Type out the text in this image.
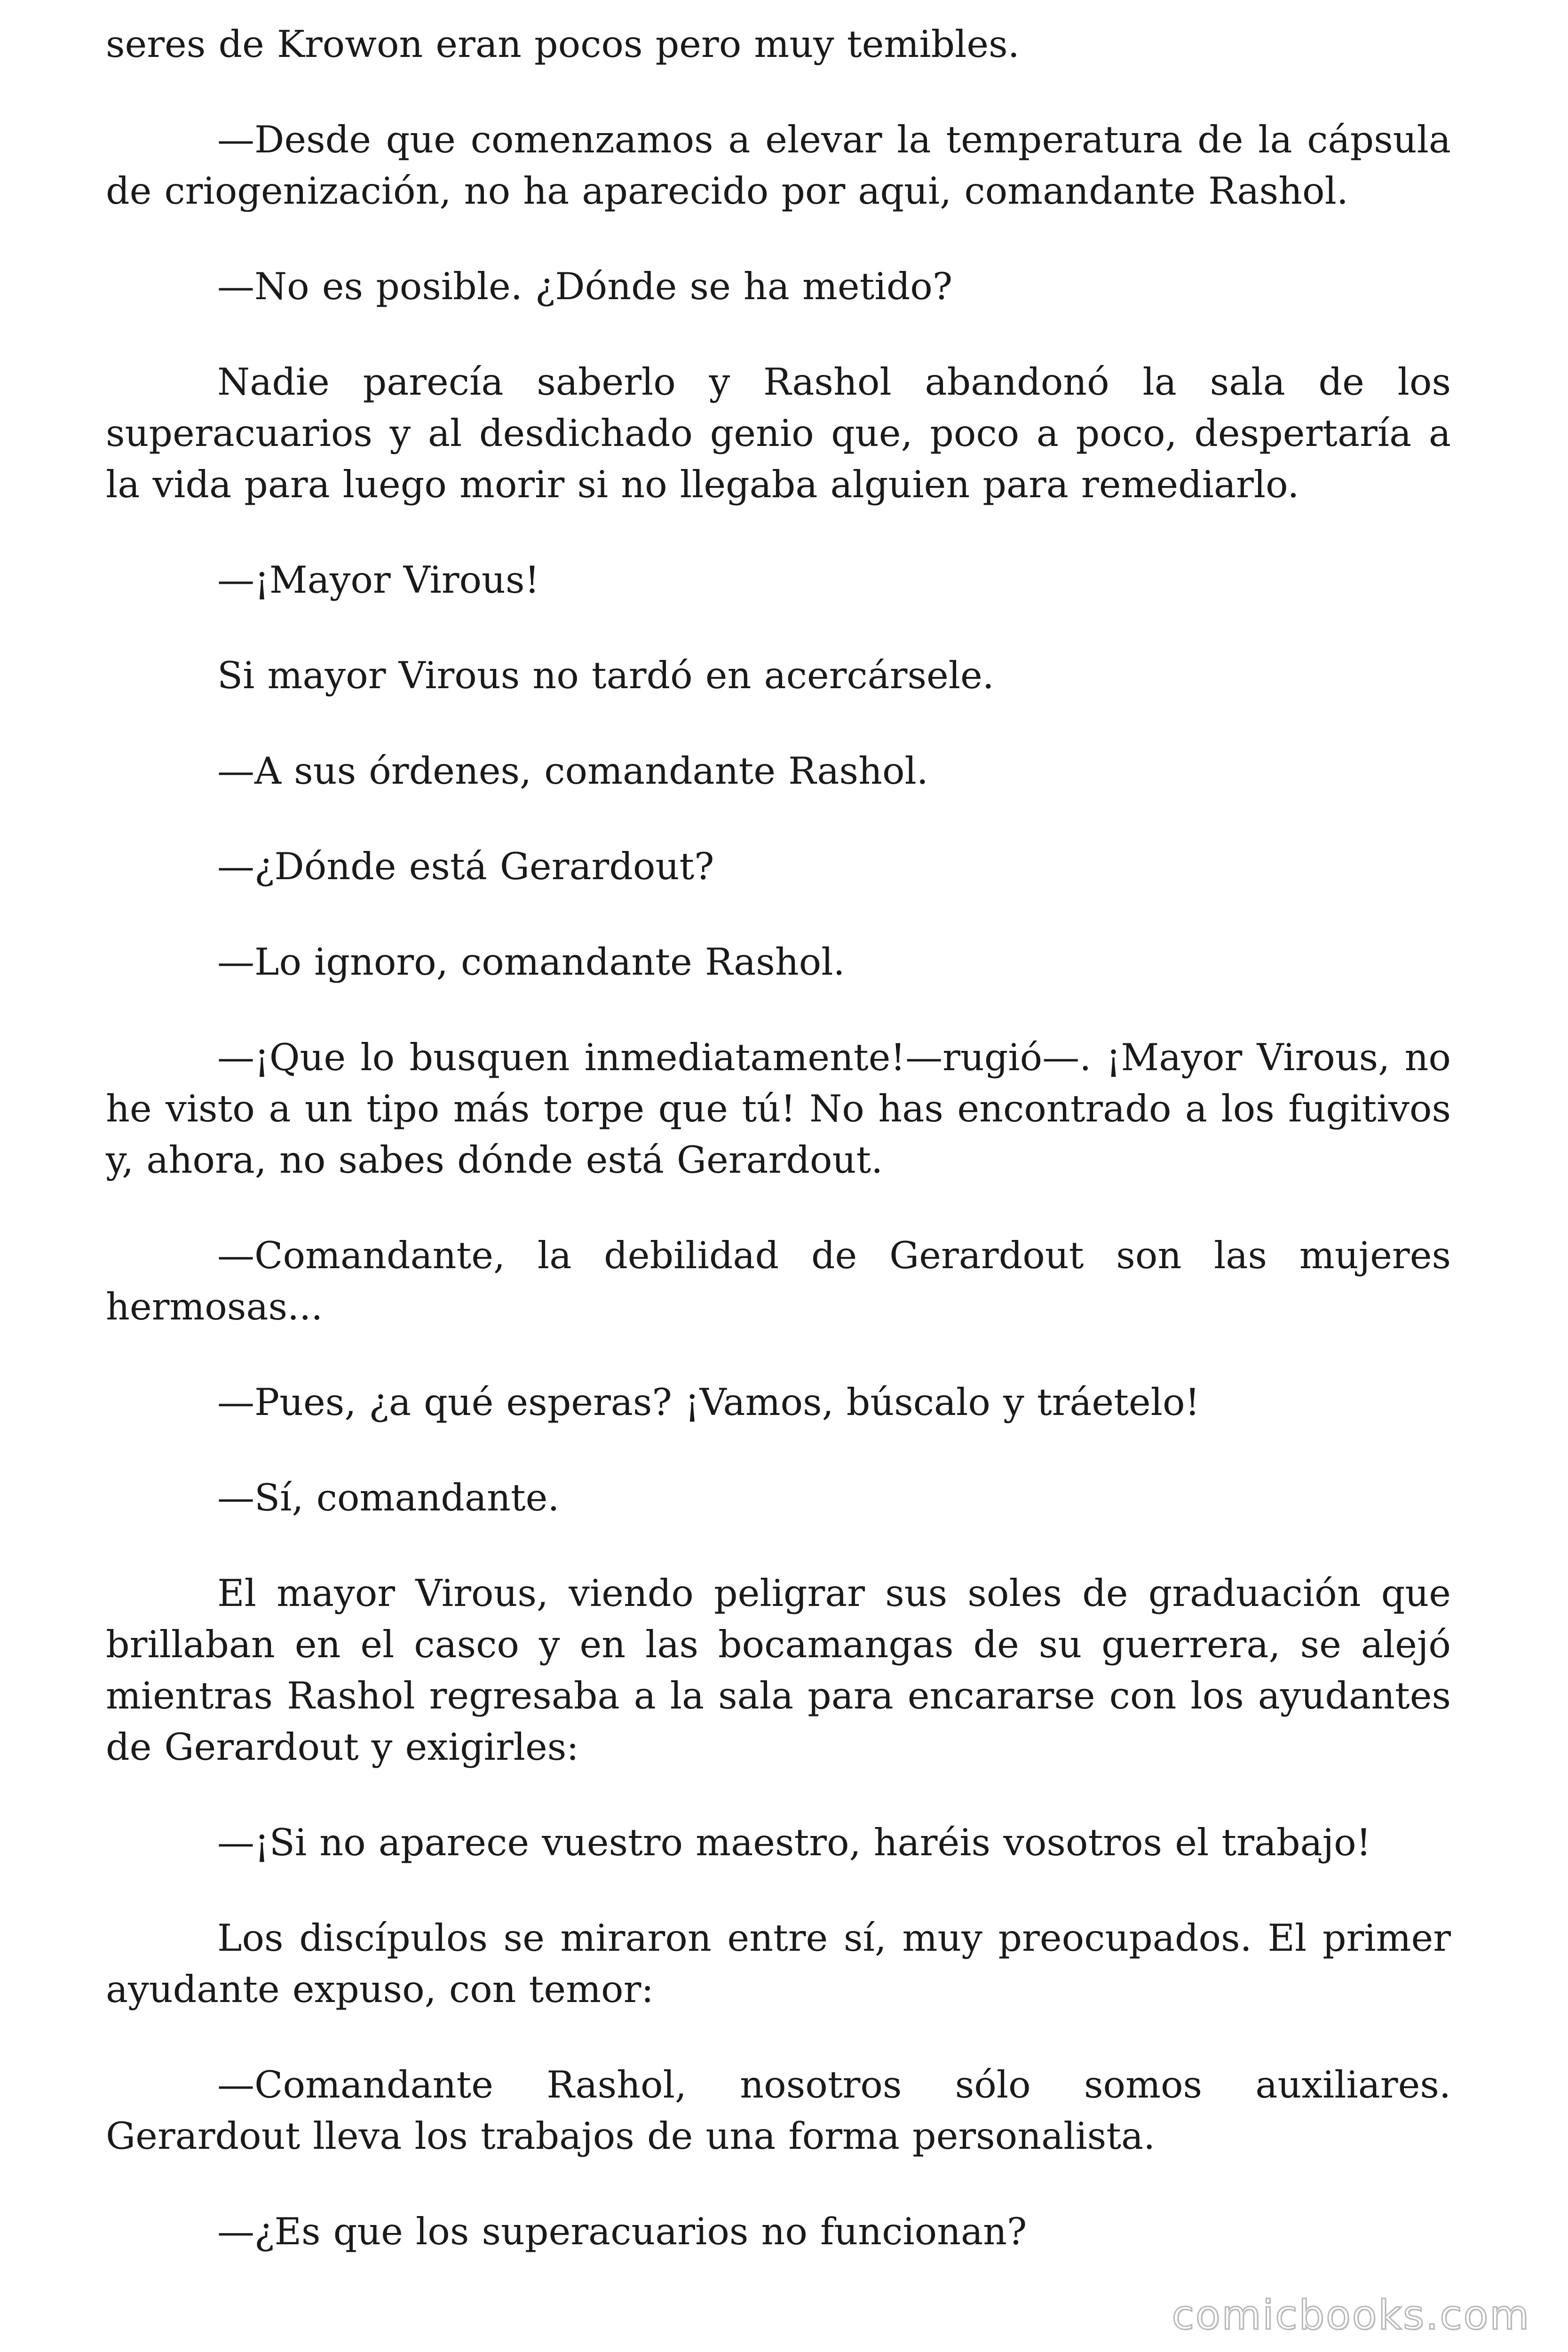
seres de Krowon eran pocos pero muy temibles.

—Desde que comenzamos a elevar la temperatura de la cápsula de criogenización, no ha aparecido por aqui, comandante Rashol.

—No es posible. ¿Dónde se ha metido?

Nadie parecía saberlo y Rashol abandonó la sala de los superacuarios y al desdichado genio que, poco a poco, despertaría a la vida para luego morir si no llegaba alguien para remediarlo.

—¡Mayor Virous!

Si mayor Virous no tardó en acercársele.

—A sus órdenes, comandante Rashol.

—¿Dónde está Gerardout?

—Lo ignoro, comandante Rashol.

—¡Que lo busquen inmediatamente!—rugió—. ¡Mayor Virous, no he visto a un tipo más torpe que tú! No has encontrado a los fugitivos y, ahora, no sabes dónde está Gerardout.

—Comandante, la debilidad de Gerardout son las mujeres hermosas...

—Pues, ¿a qué esperas? ¡Vamos, búscalo y tráetelo!

—Sí, comandante.

El mayor Virous, viendo peligrar sus soles de graduación que brillaban en el casco y en las bocamangas de su guerrera, se alejó mientras Rashol regresaba a la sala para encararse con los ayudantes de Gerardout y exigirles:

—¡Si no aparece vuestro maestro, haréis vosotros el trabajo!

Los discípulos se miraron entre sí, muy preocupados. El primer ayudante expuso, con temor:

—Comandante Rashol, nosotros sólo somos auxiliares. Gerardout lleva los trabajos de una forma personalista.

—¿Es que los superacuarios no funcionan?

comicbooks.com
